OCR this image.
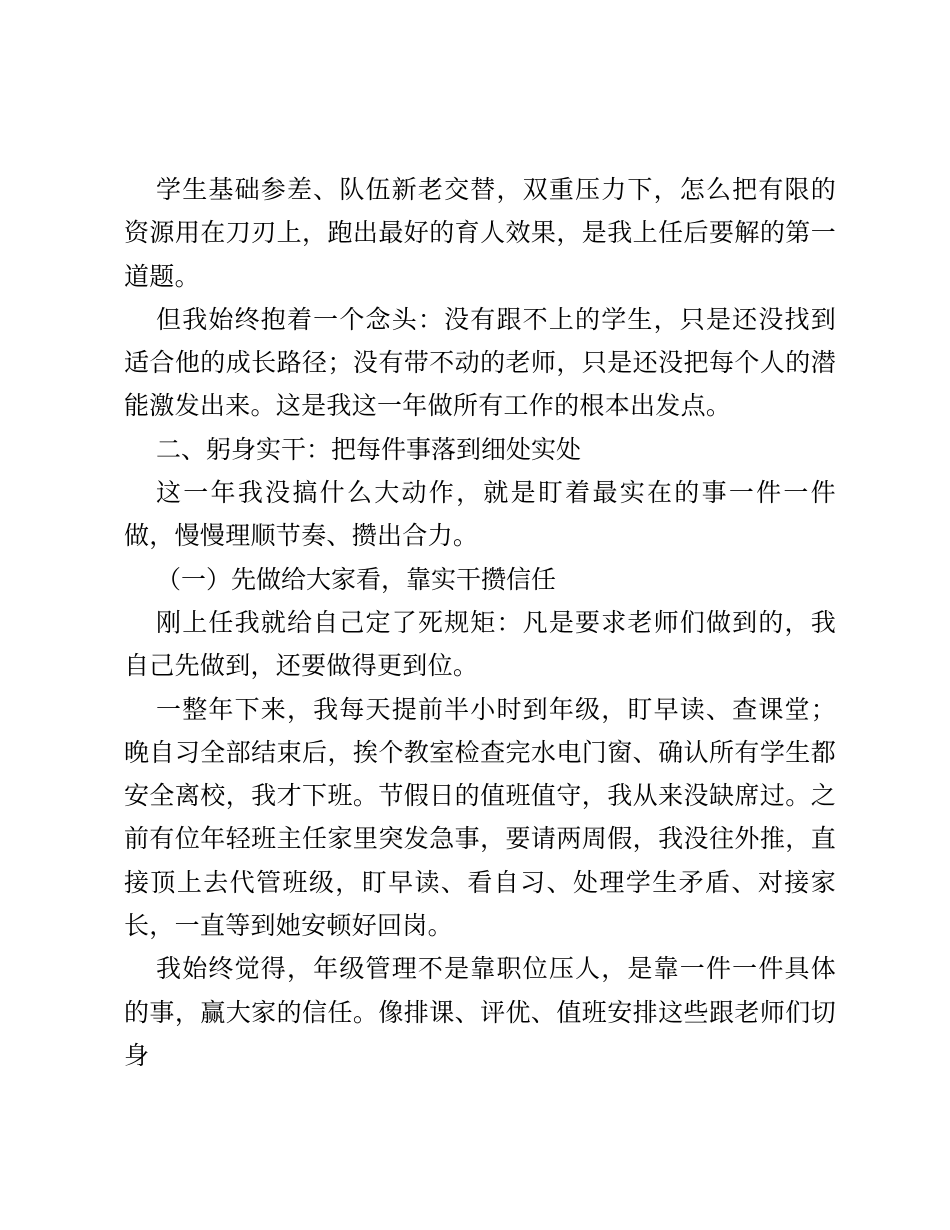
学生基础参差、队伍新老交替，双重压力下，怎么把有限的资源用在刀刃上，跑出最好的育人效果，是我上任后要解的第一道题。

但我始终抱着一个念头：没有跟不上的学生，只是还没找到适合他的成长路径；没有带不动的老师，只是还没把每个人的潜能激发出来。这是我这一年做所有工作的根本出发点。

二、躬身实干：把每件事落到细处实处

这一年我没搞什么大动作，就是盯着最实在的事一件一件做，慢慢理顺节奏、攒出合力。

（一）先做给大家看，靠实干攒信任

刚上任我就给自己定了死规矩：凡是要求老师们做到的，我自己先做到，还要做得更到位。

一整年下来，我每天提前半小时到年级，盯早读、查课堂；晚自习全部结束后，挨个教室检查完水电门窗、确认所有学生都安全离校，我才下班。节假日的值班值守，我从来没缺席过。之前有位年轻班主任家里突发急事，要请两周假，我没往外推，直接顶上去代管班级，盯早读、看自习、处理学生矛盾、对接家长，一直等到她安顿好回岗。

我始终觉得，年级管理不是靠职位压人，是靠一件一件具体的事，赢大家的信任。像排课、评优、值班安排这些跟老师们切身
